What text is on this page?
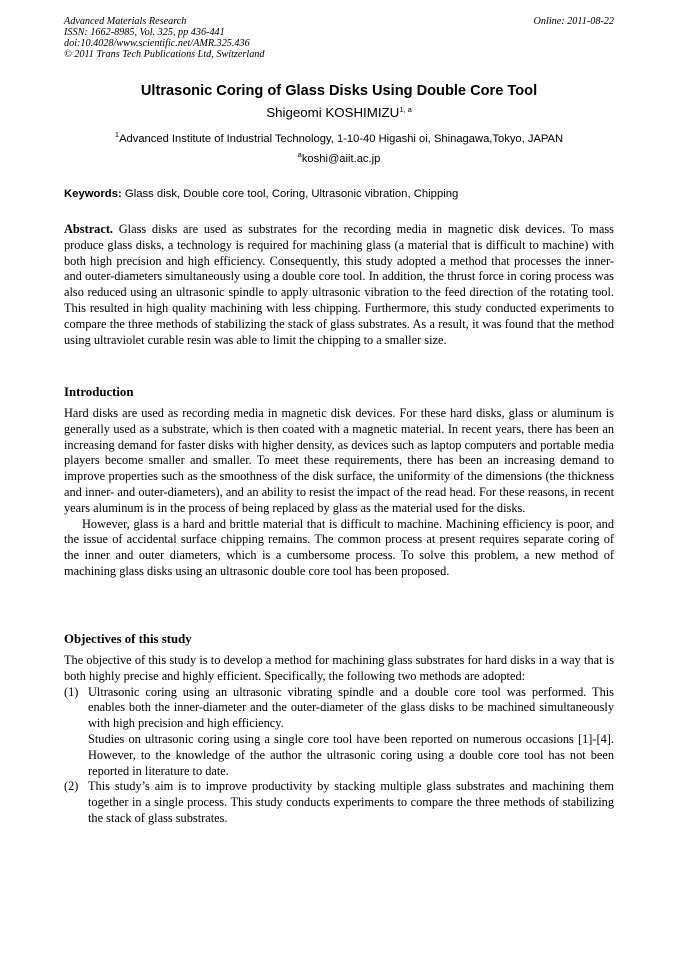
Advanced Materials Research
ISSN: 1662-8985, Vol. 325, pp 436-441
doi:10.4028/www.scientific.net/AMR.325.436
© 2011 Trans Tech Publications Ltd, Switzerland
Online: 2011-08-22
Ultrasonic Coring of Glass Disks Using Double Core Tool
Shigeomi KOSHIMIZU$^{1, a}$
$^1$Advanced Institute of Industrial Technology, 1-10-40 Higashi oi, Shinagawa,Tokyo, JAPAN
$^a$koshi@aiit.ac.jp
Keywords: Glass disk, Double core tool, Coring, Ultrasonic vibration, Chipping

Abstract. Glass disks are used as substrates for the recording media in magnetic disk devices. To mass produce glass disks, a technology is required for machining glass (a material that is difficult to machine) with both high precision and high efficiency. Consequently, this study adopted a method that processes the inner- and outer-diameters simultaneously using a double core tool. In addition, the thrust force in coring process was also reduced using an ultrasonic spindle to apply ultrasonic vibration to the feed direction of the rotating tool. This resulted in high quality machining with less chipping. Furthermore, this study conducted experiments to compare the three methods of stabilizing the stack of glass substrates. As a result, it was found that the method using ultraviolet curable resin was able to limit the chipping to a smaller size.

Introduction

Hard disks are used as recording media in magnetic disk devices. For these hard disks, glass or aluminum is generally used as a substrate, which is then coated with a magnetic material. In recent years, there has been an increasing demand for faster disks with higher density, as devices such as laptop computers and portable media players become smaller and smaller. To meet these requirements, there has been an increasing demand to improve properties such as the smoothness of the disk surface, the uniformity of the dimensions (the thickness and inner- and outer-diameters), and an ability to resist the impact of the read head. For these reasons, in recent years aluminum is in the process of being replaced by glass as the material used for the disks.

However, glass is a hard and brittle material that is difficult to machine. Machining efficiency is poor, and the issue of accidental surface chipping remains. The common process at present requires separate coring of the inner and outer diameters, which is a cumbersome process. To solve this problem, a new method of machining glass disks using an ultrasonic double core tool has been proposed.

Objectives of this study

The objective of this study is to develop a method for machining glass substrates for hard disks in a way that is both highly precise and highly efficient. Specifically, the following two methods are adopted:

(1) Ultrasonic coring using an ultrasonic vibrating spindle and a double core tool was performed. This enables both the inner-diameter and the outer-diameter of the glass disks to be machined simultaneously with high precision and high efficiency.

Studies on ultrasonic coring using a single core tool have been reported on numerous occasions [1]-[4]. However, to the knowledge of the author the ultrasonic coring using a double core tool has not been reported in literature to date.

(2) This study’s aim is to improve productivity by stacking multiple glass substrates and machining them together in a single process. This study conducts experiments to compare the three methods of stabilizing the stack of glass substrates.
